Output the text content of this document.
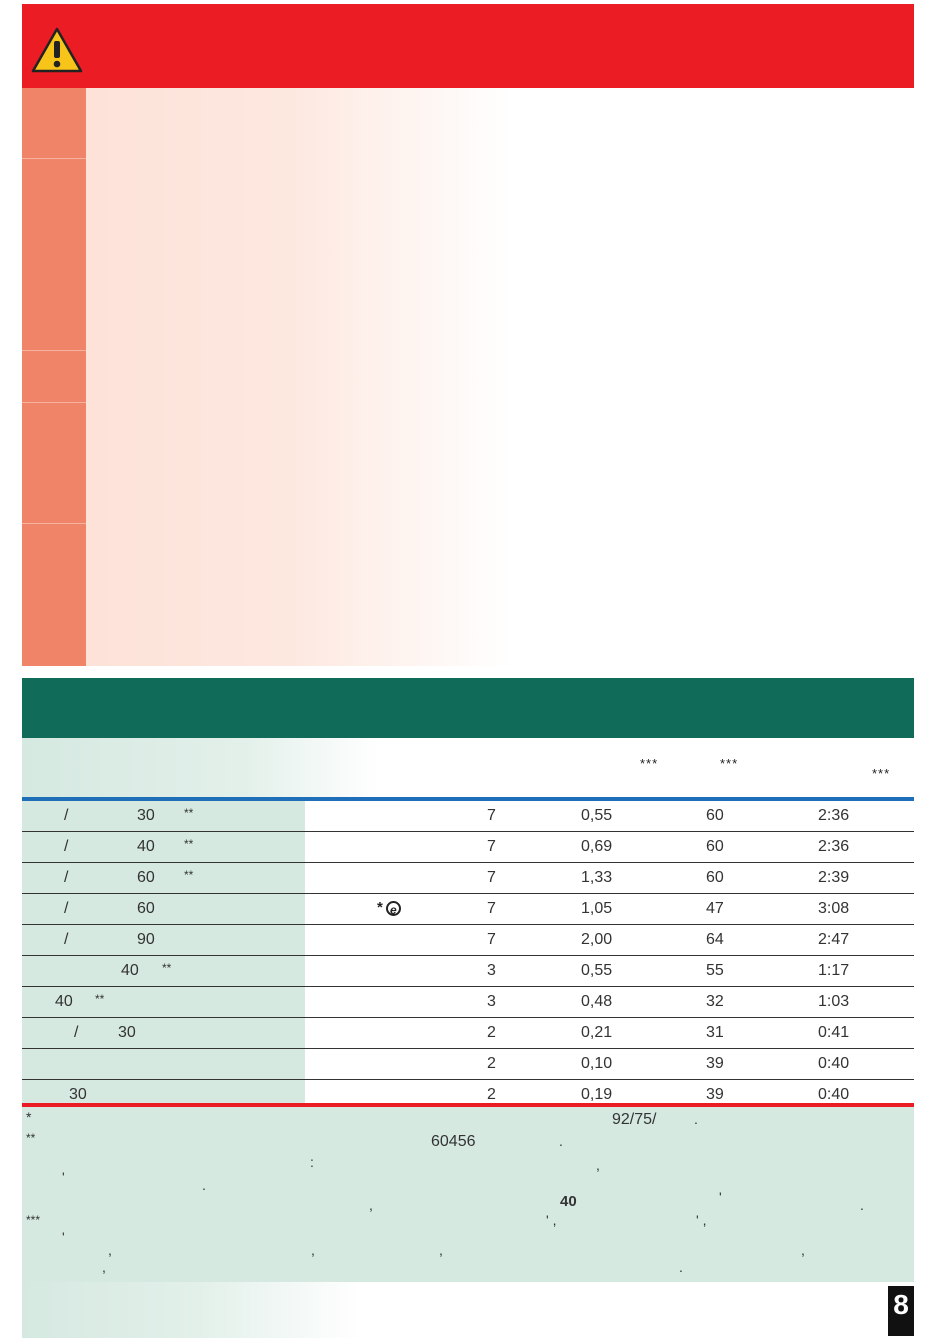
***	***
***
/	30 **	7	0,55	60	2:36
/	40 **	7	0,69	60	2:36
/	60 **	7	1,33	60	2:39
/	60	* e	7	1,05	47	3:08
/	90	7	2,00	64	2:47
40 **	3	0,55	55	1:17
40 **	3	0,48	32	1:03
/ 30	2	0,21	31	0:41
2	0,10	39	0:40
30	2	0,19	39	0:40
*	92/75/	.
**	60456	.
:	,
'	.
,	40	'	.
***	' ,	' ,
'
,	,	,	,
,	.
8
